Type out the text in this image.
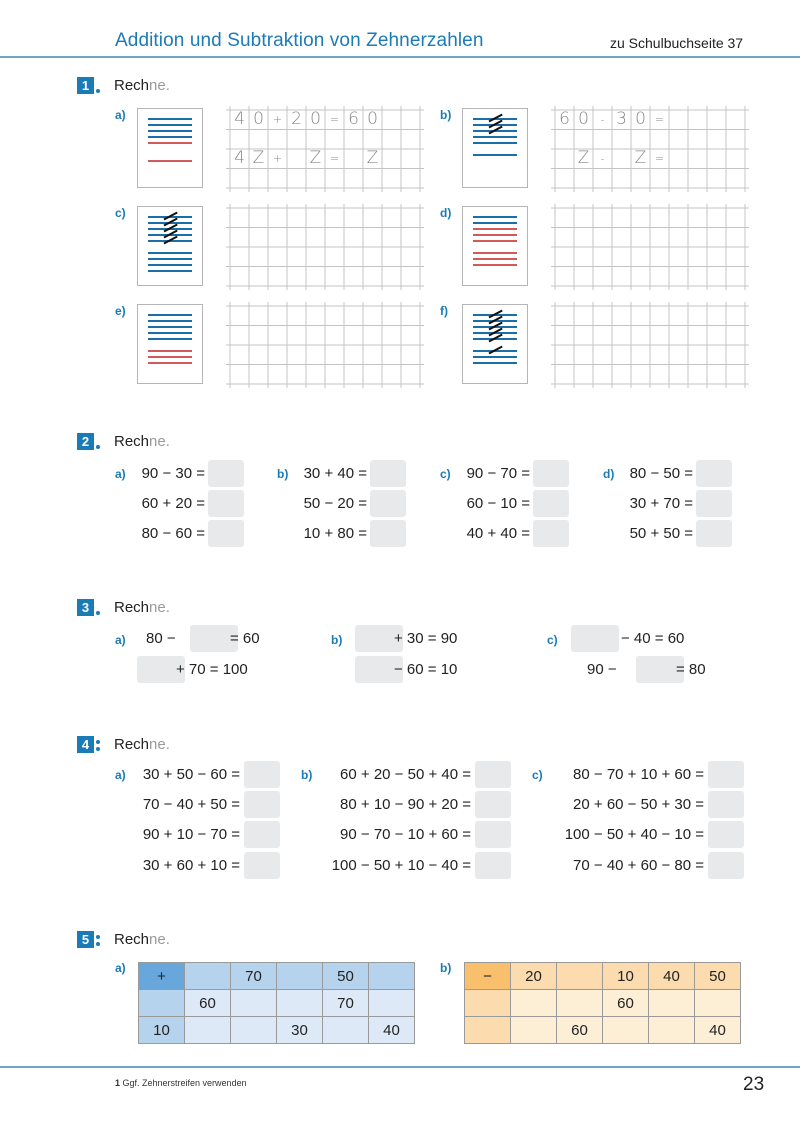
Addition und Subtraktion von Zehnerzahlen	zu Schulbuchseite 37
1	Rechne.
a)	4 0 + 2 0 = 6 0
4 Z + Z = Z
b)	6 0	- 3 0 =
Z	-	Z =
c)	d)
e)	f)
2	Rechne.
a)	90 − 30 =
60 + 20 =
80 − 60 =
b)	30 + 40 =
50 − 20 =
10 + 80 =
c)	90 − 70 =
60 − 10 =
40 + 40 =
d)	80 − 50 =
30 + 70 =
50 + 50 =
3	Rechne.
a) 80 −	= 60
+ 70 = 100
b)	+ 30 = 90
− 60 = 10
c)	− 40 = 60
90 −	= 80
4	Rechne.
a)	30 + 50 − 60 =
70 − 40 + 50 =
90 + 10 − 70 =
30 + 60 + 10 =
b)	60 + 20 − 50 + 40 =
80 + 10 − 90 + 20 =
90 − 70 − 10 + 60 =
100 − 50 + 10 − 40 =
c)	80 − 70 + 10 + 60 =
20 + 60 − 50 + 30 =
100 − 50 + 40 − 10 =
70 − 40 + 60 − 80 =
5	Rechne.
a) +		70		50	
	60			70	
10			30		40
b) −	20		10	40	50
			60		
		60			40
1 Ggf. Zehnerstreifen verwenden	23
